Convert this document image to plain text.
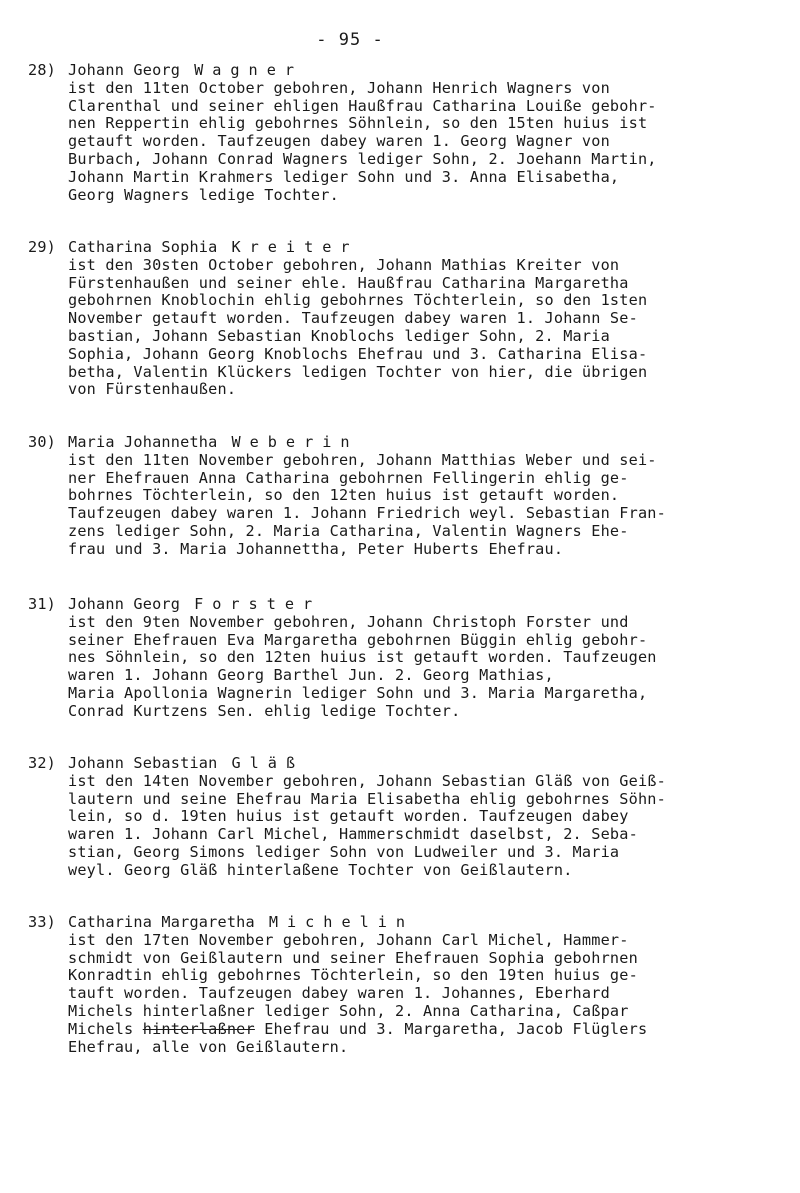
- 95 -
28) Johann Georg Wagner
ist den 11ten October gebohren, Johann Henrich Wagners von
Clarenthal und seiner ehligen Haußfrau Catharina Louiße gebohr-
nen Reppertin ehlig gebohrnes Söhnlein, so den 15ten huius ist
getauft worden. Taufzeugen dabey waren 1. Georg Wagner von
Burbach, Johann Conrad Wagners lediger Sohn, 2. Joehann Martin,
Johann Martin Krahmers lediger Sohn und 3. Anna Elisabetha,
Georg Wagners ledige Tochter.
29) Catharina Sophia Kreiter
ist den 30sten October gebohren, Johann Mathias Kreiter von
Fürstenhaußen und seiner ehle. Haußfrau Catharina Margaretha
gebohrnen Knoblochin ehlig gebohrnes Töchterlein, so den 1sten
November getauft worden. Taufzeugen dabey waren 1. Johann Se-
bastian, Johann Sebastian Knoblochs lediger Sohn, 2. Maria
Sophia, Johann Georg Knoblochs Ehefrau und 3. Catharina Elisa-
betha, Valentin Klückers ledigen Tochter von hier, die übrigen
von Fürstenhaußen.
30) Maria Johannetha Weberin
ist den 11ten November gebohren, Johann Matthias Weber und sei-
ner Ehefrauen Anna Catharina gebohrnen Fellingerin ehlig ge-
bohrnes Töchterlein, so den 12ten huius ist getauft worden.
Taufzeugen dabey waren 1. Johann Friedrich weyl. Sebastian Fran-
zens lediger Sohn, 2. Maria Catharina, Valentin Wagners Ehe-
frau und 3. Maria Johannettha, Peter Huberts Ehefrau.
31) Johann Georg Forster
ist den 9ten November gebohren, Johann Christoph Forster und
seiner Ehefrauen Eva Margaretha gebohrnen Büggin ehlig gebohr-
nes Söhnlein, so den 12ten huius ist getauft worden. Taufzeugen
waren 1. Johann Georg Barthel Jun. 2. Georg Mathias,
Maria Apollonia Wagnerin lediger Sohn und 3. Maria Margaretha,
Conrad Kurtzens Sen. ehlig ledige Tochter.
32) Johann Sebastian Gläß
ist den 14ten November gebohren, Johann Sebastian Gläß von Geiß-
lautern und seine Ehefrau Maria Elisabetha ehlig gebohrnes Söhn-
lein, so d. 19ten huius ist getauft worden. Taufzeugen dabey
waren 1. Johann Carl Michel, Hammerschmidt daselbst, 2. Seba-
stian, Georg Simons lediger Sohn von Ludweiler und 3. Maria
weyl. Georg Gläß hinterlaßene Tochter von Geißlautern.
33) Catharina Margaretha Michelin
ist den 17ten November gebohren, Johann Carl Michel, Hammer-
schmidt von Geißlautern und seiner Ehefrauen Sophia gebohrnen
Konradtin ehlig gebohrnes Töchterlein, so den 19ten huius ge-
tauft worden. Taufzeugen dabey waren 1. Johannes, Eberhard
Michels hinterlaßner lediger Sohn, 2. Anna Catharina, Caßpar
Michels hinterlaßner Ehefrau und 3. Margaretha, Jacob Flüglers
Ehefrau, alle von Geißlautern.
